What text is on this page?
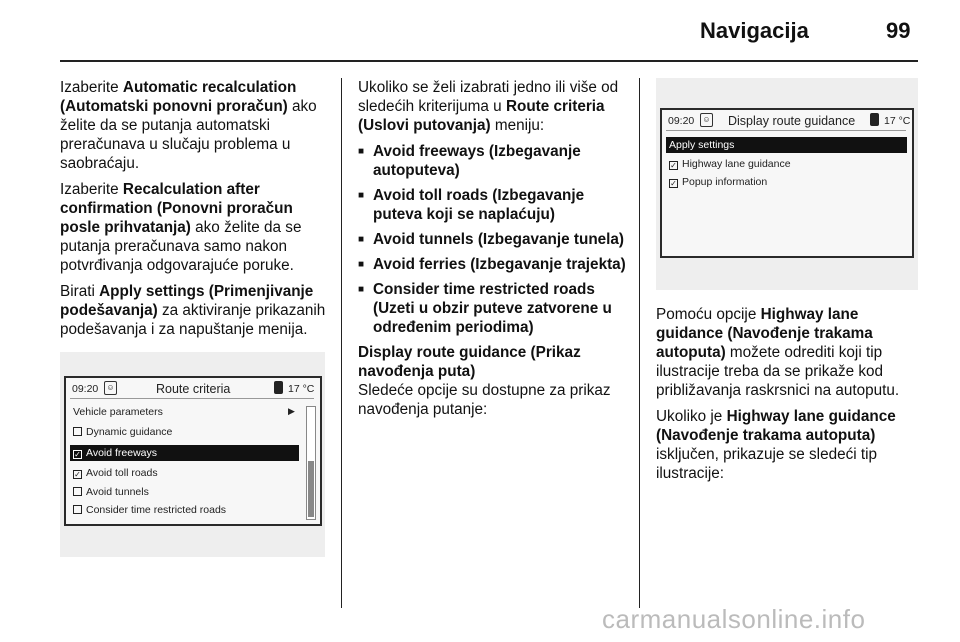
Navigacija	99

Izaberite Automatic recalculation (Automatski ponovni proračun) ako želite da se putanja automatski preračunava u slučaju problema u saobraćaju.

Izaberite Recalculation after confirmation (Ponovni proračun posle prihvatanja) ako želite da se putanja preračunava samo nakon potvrđivanja odgovarajuće poruke.

Birati Apply settings (Primenjivanje podešavanja) za aktiviranje prikazanih podešavanja i za napuštanje menija.

09:20	☺	Route criteria	17 °C
Vehicle parameters	▶
Dynamic guidance
✓ Avoid freeways
✓ Avoid toll roads
Avoid tunnels
Consider time restricted roads

Ukoliko se želi izabrati jedno ili više od sledećih kriterijuma u Route criteria (Uslovi putovanja) meniju:

■ Avoid freeways (Izbegavanje autoputeva)
■ Avoid toll roads (Izbegavanje puteva koji se naplaćuju)
■ Avoid tunnels (Izbegavanje tunela)
■ Avoid ferries (Izbegavanje trajekta)
■ Consider time restricted roads (Uzeti u obzir puteve zatvorene u određenim periodima)

Display route guidance (Prikaz navođenja puta)

Sledeće opcije su dostupne za prikaz navođenja putanje:

09:20	☺ Display route guidance	17 °C
Apply settings
✓ Highway lane guidance
✓ Popup information

Pomoću opcije Highway lane guidance (Navođenje trakama autoputa) možete odrediti koji tip ilustracije treba da se prikaže kod približavanja raskrsnici na autoputu.

Ukoliko je Highway lane guidance (Navođenje trakama autoputa) isključen, prikazuje se sledeći tip ilustracije:

carmanualsonline.info
